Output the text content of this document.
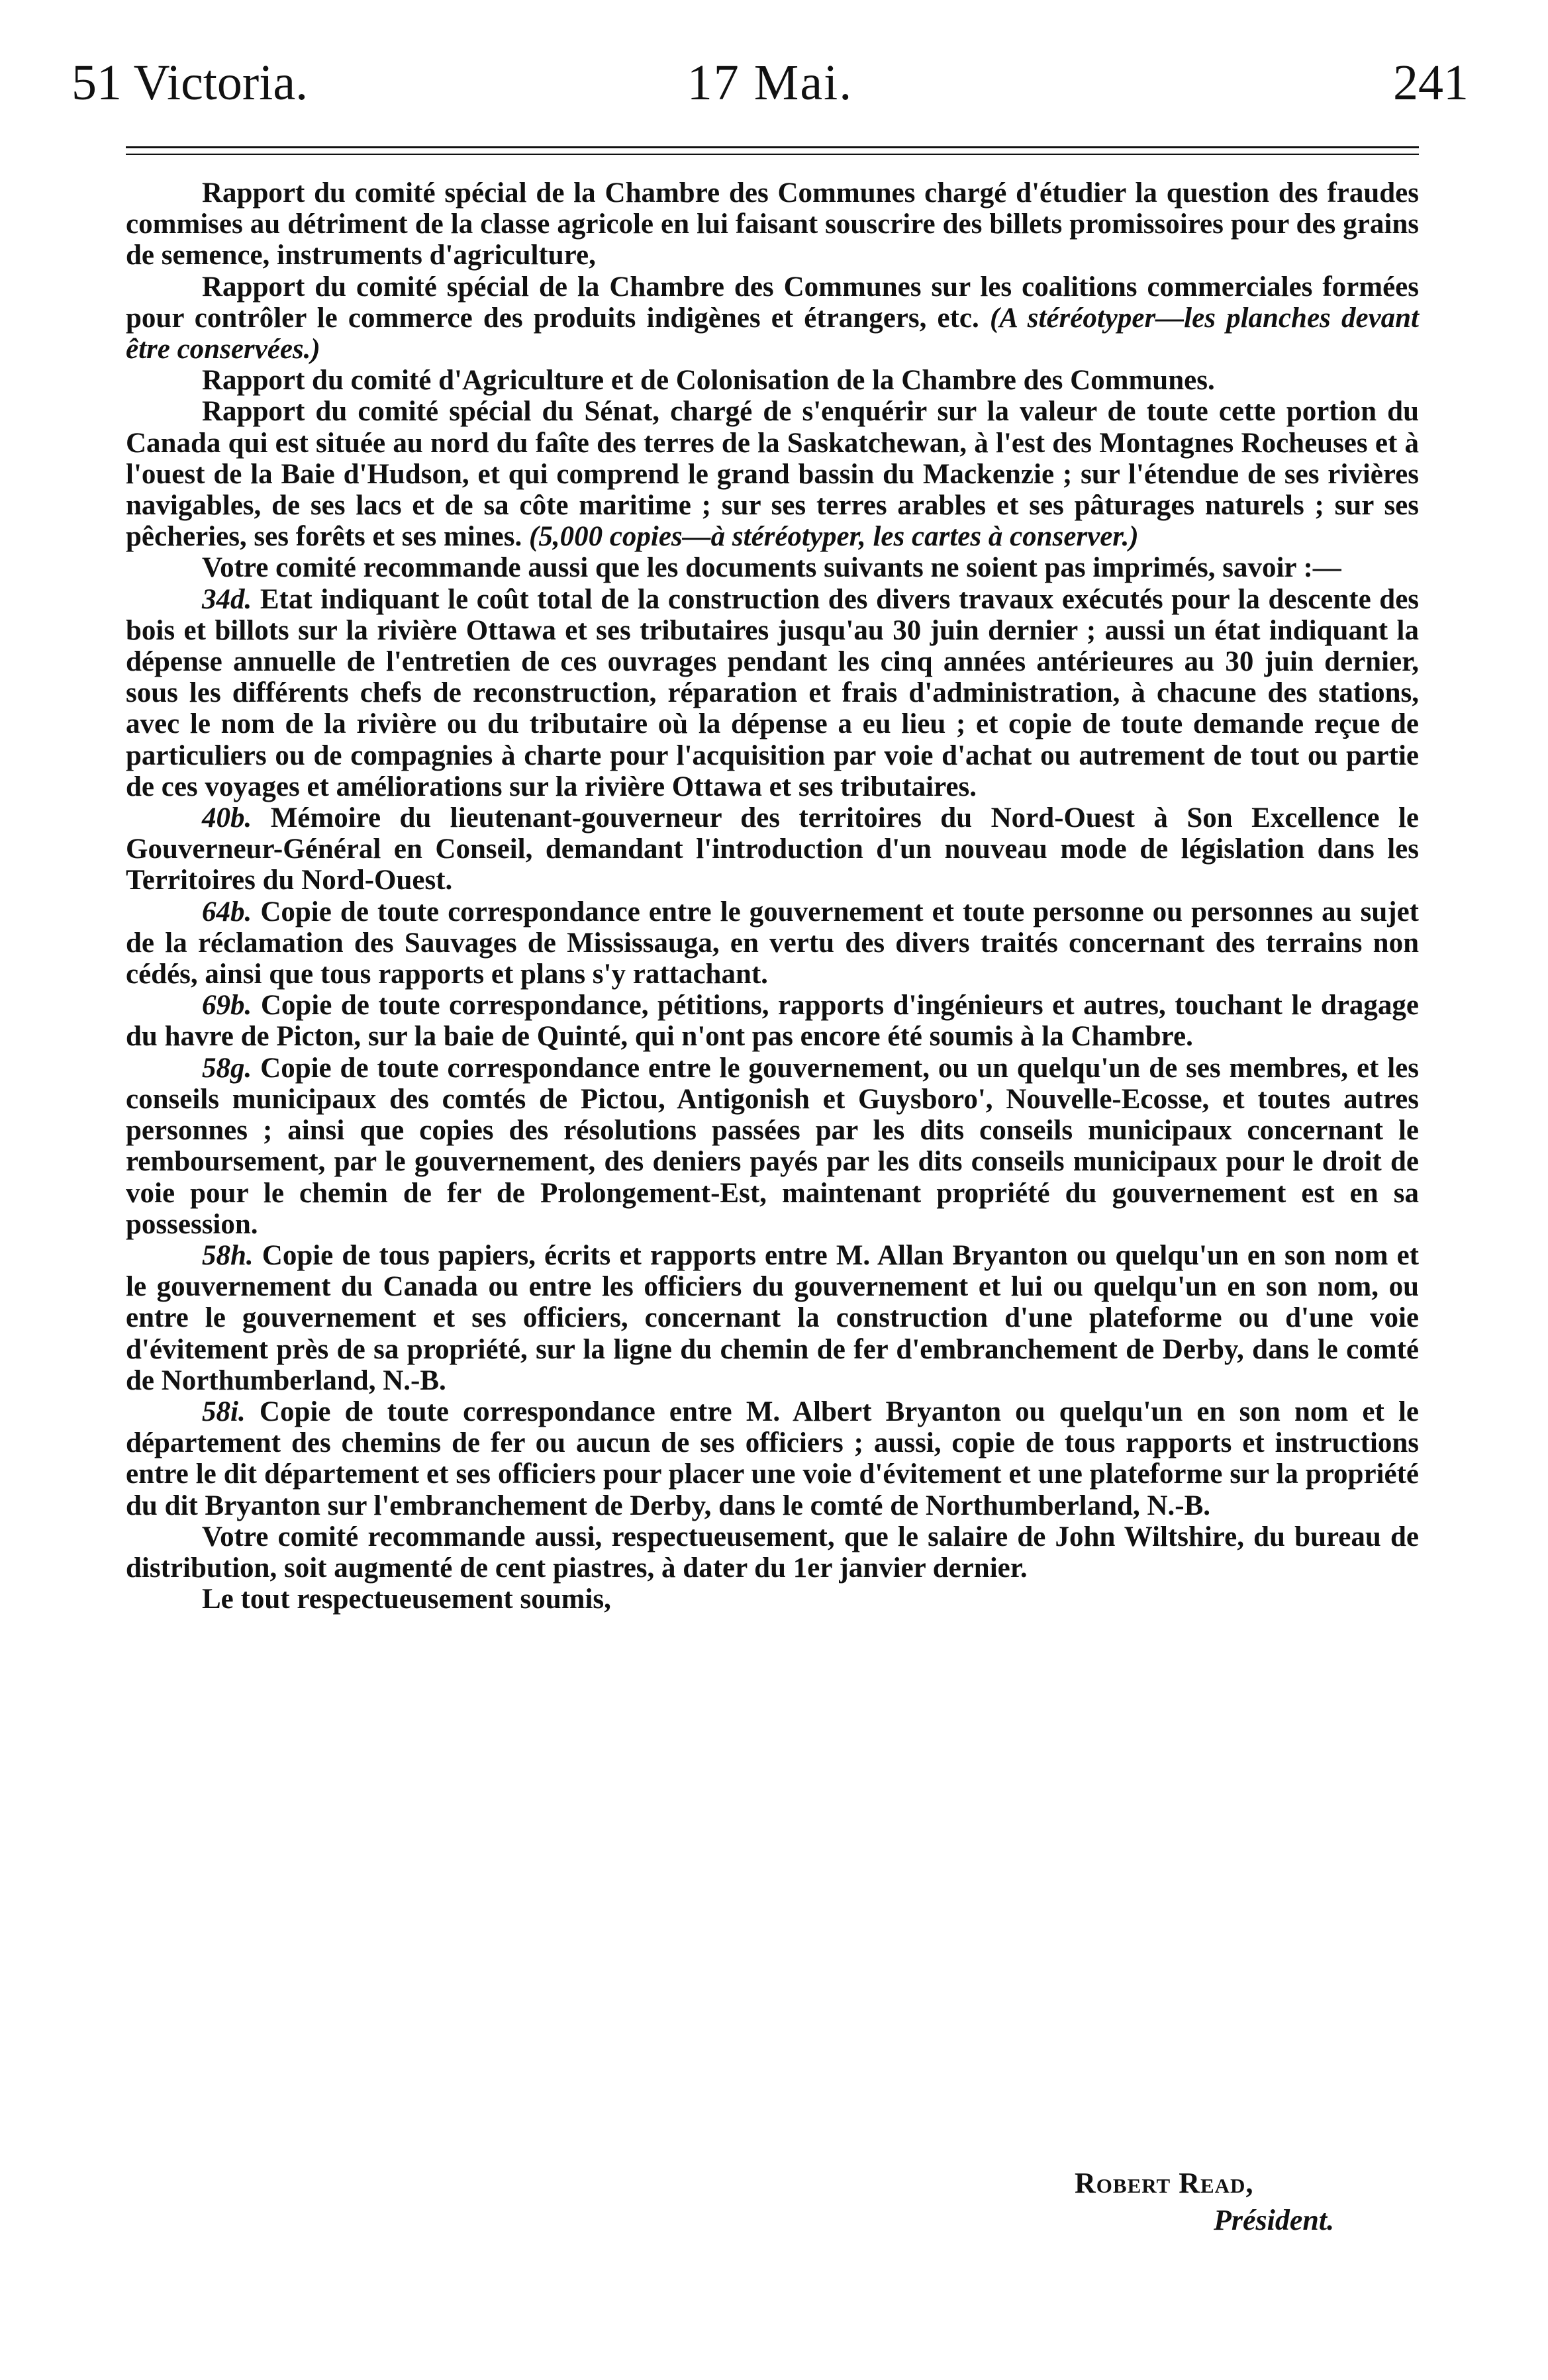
51 Victoria.	17 Mai.	241

Rapport du comité spécial de la Chambre des Communes chargé d'étudier la question des fraudes commises au détriment de la classe agricole en lui faisant souscrire des billets promissoires pour des grains de semence, instruments d'agriculture,

Rapport du comité spécial de la Chambre des Communes sur les coalitions commerciales formées pour contrôler le commerce des produits indigènes et étrangers, etc. (A stéréotyper—les planches devant être conservées.)

Rapport du comité d'Agriculture et de Colonisation de la Chambre des Communes.

Rapport du comité spécial du Sénat, chargé de s'enquérir sur la valeur de toute cette portion du Canada qui est située au nord du faîte des terres de la Saskatchewan, à l'est des Montagnes Rocheuses et à l'ouest de la Baie d'Hudson, et qui comprend le grand bassin du Mackenzie ; sur l'étendue de ses rivières navigables, de ses lacs et de sa côte maritime ; sur ses terres arables et ses pâturages naturels ; sur ses pêcheries, ses forêts et ses mines. (5,000 copies—à stéréotyper, les cartes à conserver.)

Votre comité recommande aussi que les documents suivants ne soient pas imprimés, savoir :—

34d. Etat indiquant le coût total de la construction des divers travaux exécutés pour la descente des bois et billots sur la rivière Ottawa et ses tributaires jusqu'au 30 juin dernier ; aussi un état indiquant la dépense annuelle de l'entretien de ces ouvrages pendant les cinq années antérieures au 30 juin dernier, sous les différents chefs de reconstruction, réparation et frais d'administration, à chacune des stations, avec le nom de la rivière ou du tributaire où la dépense a eu lieu ; et copie de toute demande reçue de particuliers ou de compagnies à charte pour l'acquisition par voie d'achat ou autrement de tout ou partie de ces voyages et améliorations sur la rivière Ottawa et ses tributaires.

40b. Mémoire du lieutenant-gouverneur des territoires du Nord-Ouest à Son Excellence le Gouverneur-Général en Conseil, demandant l'introduction d'un nouveau mode de législation dans les Territoires du Nord-Ouest.

64b. Copie de toute correspondance entre le gouvernement et toute personne ou personnes au sujet de la réclamation des Sauvages de Mississauga, en vertu des divers traités concernant des terrains non cédés, ainsi que tous rapports et plans s'y rattachant.

69b. Copie de toute correspondance, pétitions, rapports d'ingénieurs et autres, touchant le dragage du havre de Picton, sur la baie de Quinté, qui n'ont pas encore été soumis à la Chambre.

58g. Copie de toute correspondance entre le gouvernement, ou un quelqu'un de ses membres, et les conseils municipaux des comtés de Pictou, Antigonish et Guysboro', Nouvelle-Ecosse, et toutes autres personnes ; ainsi que copies des résolutions passées par les dits conseils municipaux concernant le remboursement, par le gouvernement, des deniers payés par les dits conseils municipaux pour le droit de voie pour le chemin de fer de Prolongement-Est, maintenant propriété du gouvernement est en sa possession.

58h. Copie de tous papiers, écrits et rapports entre M. Allan Bryanton ou quelqu'un en son nom et le gouvernement du Canada ou entre les officiers du gouvernement et lui ou quelqu'un en son nom, ou entre le gouvernement et ses officiers, concernant la construction d'une plateforme ou d'une voie d'évitement près de sa propriété, sur la ligne du chemin de fer d'embranchement de Derby, dans le comté de Northumberland, N.-B.

58i. Copie de toute correspondance entre M. Albert Bryanton ou quelqu'un en son nom et le département des chemins de fer ou aucun de ses officiers ; aussi, copie de tous rapports et instructions entre le dit département et ses officiers pour placer une voie d'évitement et une plateforme sur la propriété du dit Bryanton sur l'embranchement de Derby, dans le comté de Northumberland, N.-B.

Votre comité recommande aussi, respectueusement, que le salaire de John Wiltshire, du bureau de distribution, soit augmenté de cent piastres, à dater du 1er janvier dernier.

Le tout respectueusement soumis,

Robert Read,
Président.
